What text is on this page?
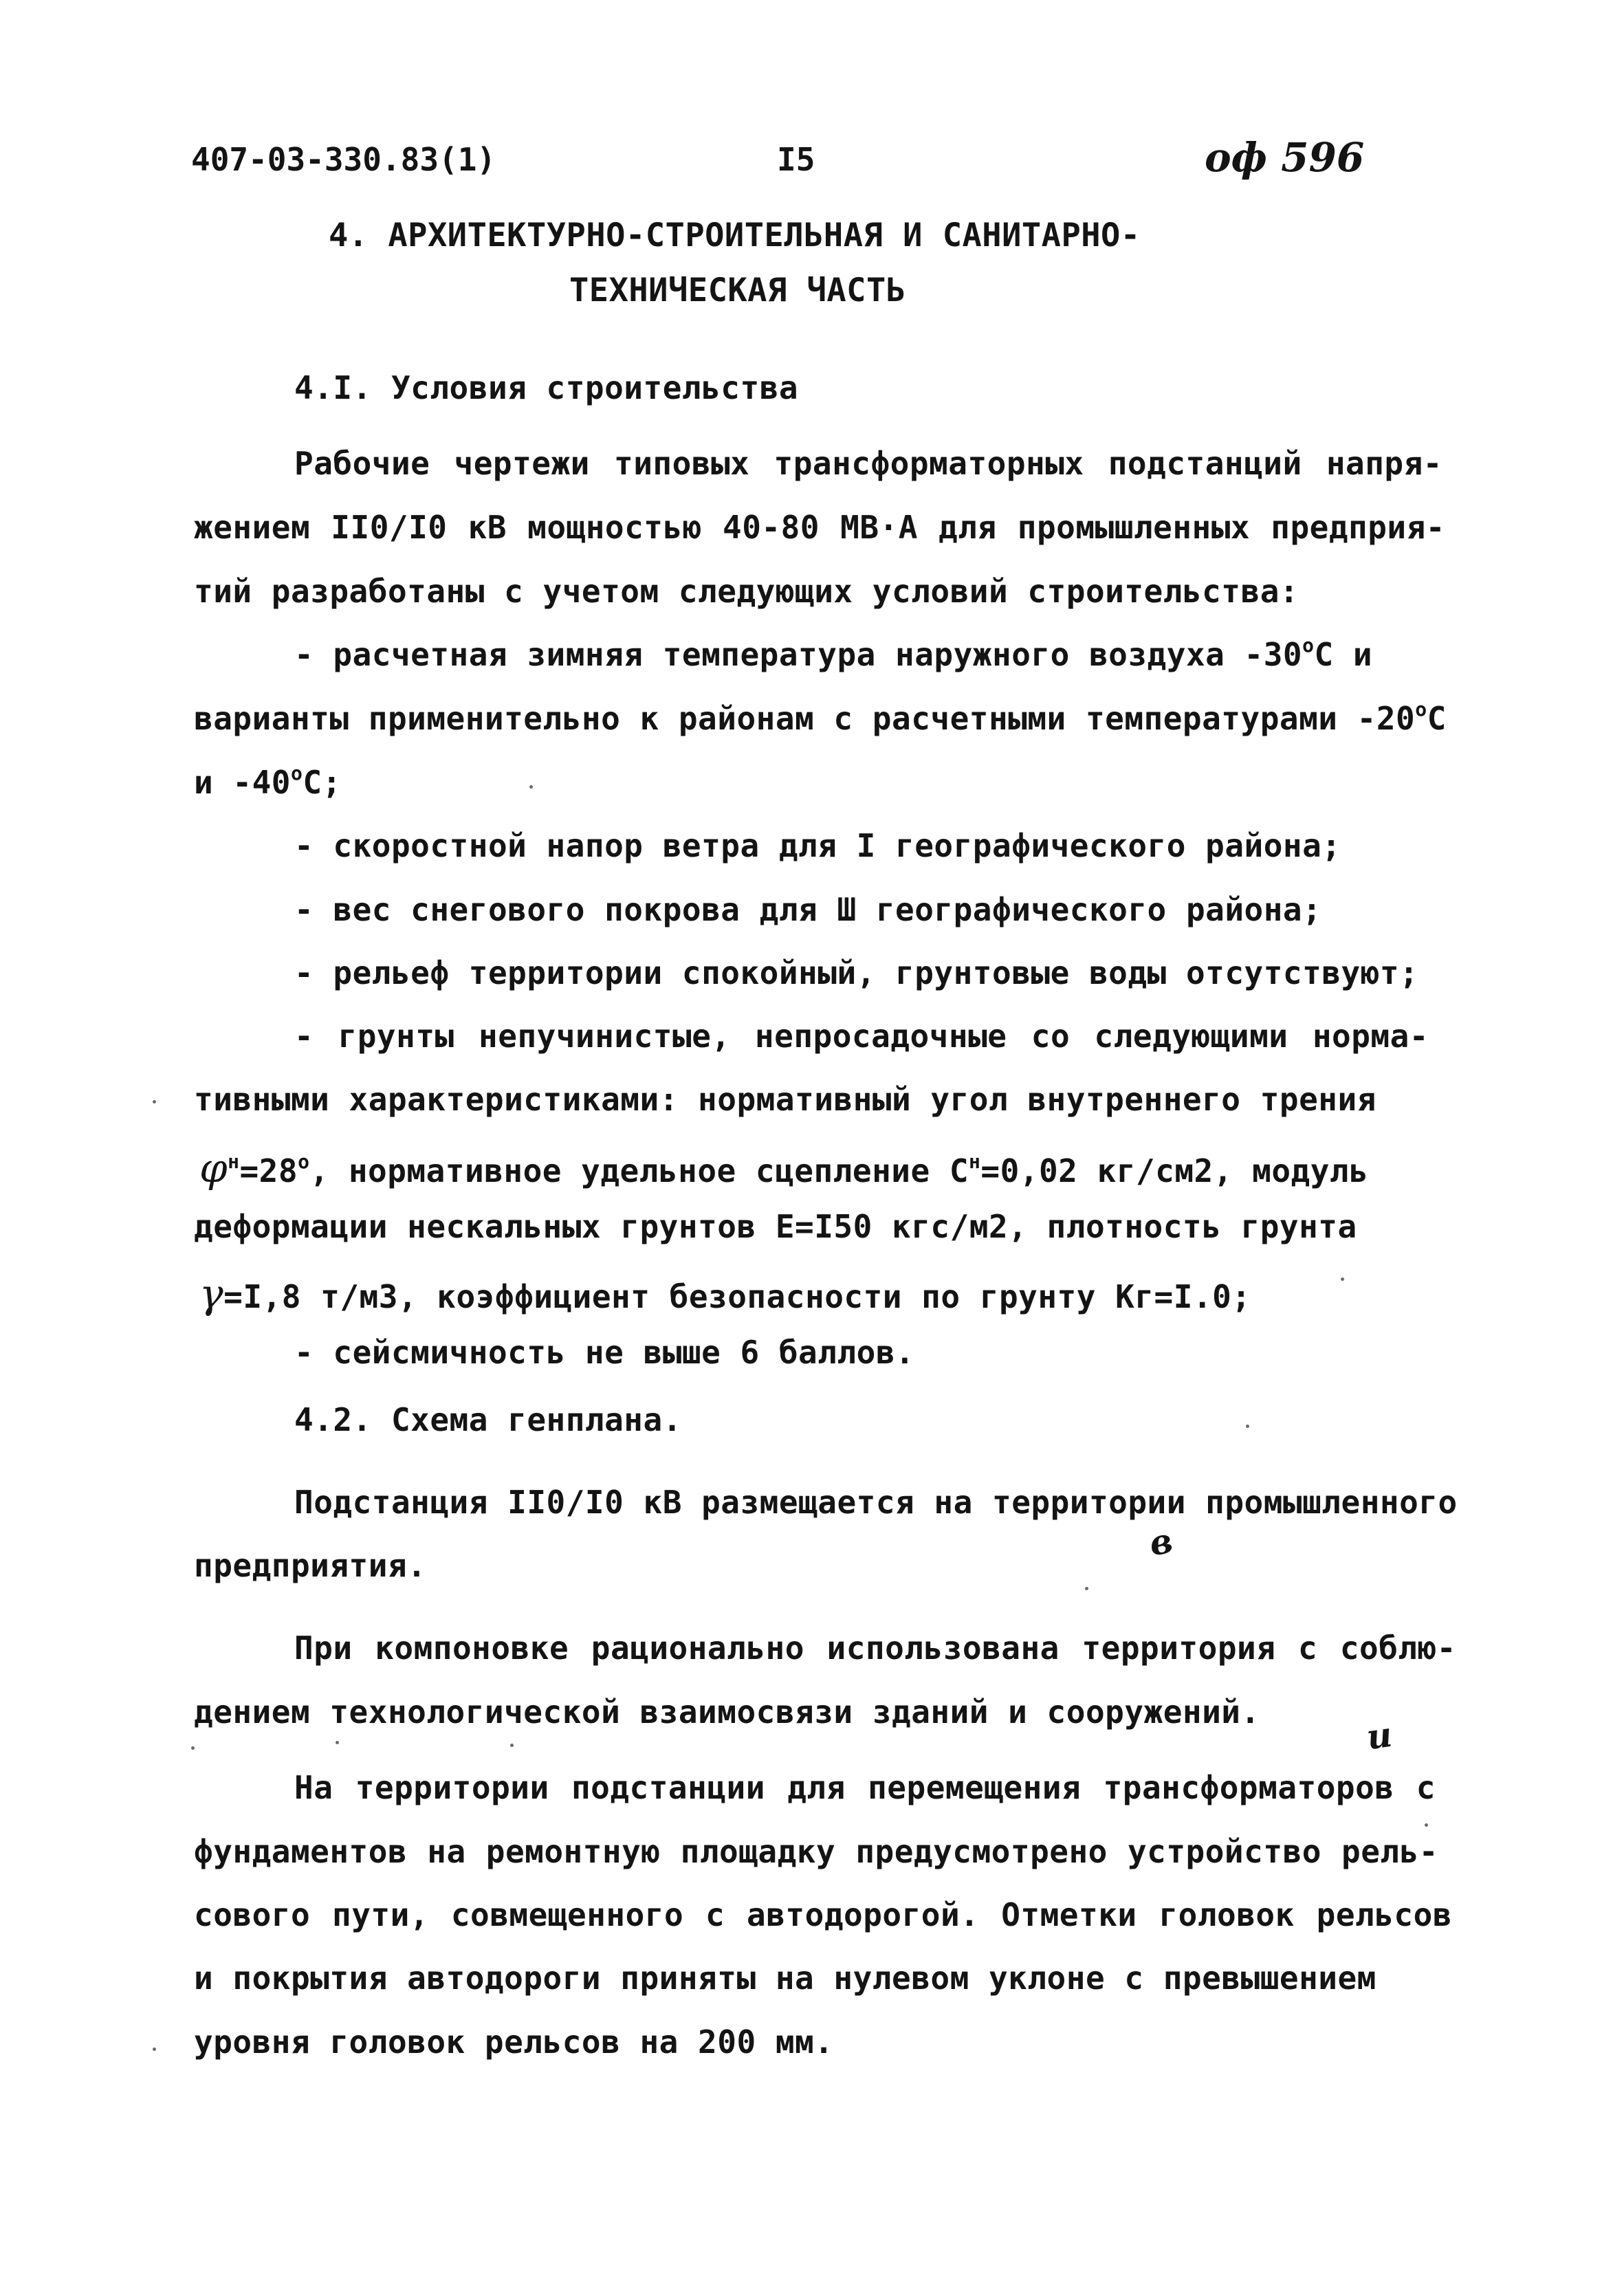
407-03-330.83(1)	I5	оф 596
4. АРХИТЕКТУРНО-СТРОИТЕЛЬНАЯ И САНИТАРНО-
ТЕХНИЧЕСКАЯ ЧАСТЬ
4.I. Условия строительства
Рабочие чертежи типовых трансформаторных подстанций напря-
жением II0/I0 кВ мощностью 40-80 МВ·А для промышленных предприя-
тий разработаны с учетом следующих условий строительства:
- расчетная зимняя температура наружного воздуха $-30^оС$ и
варианты применительно к районам с расчетными температурами $-20^оС$
и $-40^оС$;
- скоростной напор ветра для I географического района;
- вес снегового покрова для Ш географического района;
- рельеф территории спокойный, грунтовые воды отсутствуют;
- грунты непучинистые, непросадочные со следующими норма-
тивными характеристиками: нормативный угол внутреннего трения
$\varphi^н=28^о$, нормативное удельное сцепление $С^н=0,02$ кг/см2, модуль
деформации нескальных грунтов Е=I50 кгс/м2, плотность грунта
γ=I,8 т/м3, коэффициент безопасности по грунту Кг=I.0;
- сейсмичность не выше 6 баллов.
4.2. Схема генплана.
Подстанция II0/I0 кВ размещается на территории промышленного
предприятия.
При компоновке рационально использована территория с соблю-
дением технологической взаимосвязи зданий и сооружений.
На территории подстанции для перемещения трансформаторов с
фундаментов на ремонтную площадку предусмотрено устройство рель-
сового пути, совмещенного с автодорогой. Отметки головок рельсов
и покрытия автодороги приняты на нулевом уклоне с превышением
уровня головок рельсов на 200 мм.
в
и
